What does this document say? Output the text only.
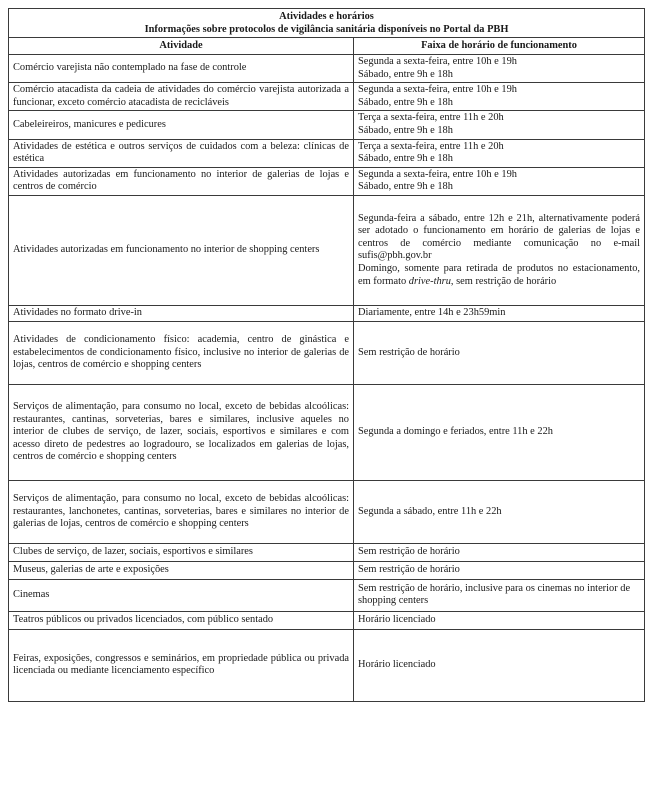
Atividades e horários
Informações sobre protocolos de vigilância sanitária disponíveis no Portal da PBH	

Atividade	Faixa de horário de funcionamento
Comércio varejista não contemplado na fase de controle	Segunda a sexta-feira, entre 10h e 19h
Sábado, entre 9h e 18h

Comércio atacadista da cadeia de atividades do comércio varejista autorizada a funcionar, exceto comércio atacadista de recicláveis	Segunda a sexta-feira, entre 10h e 19h
Sábado, entre 9h e 18h

Cabeleireiros, manicures e pedicures	Terça a sexta-feira, entre 11h e 20h
Sábado, entre 9h e 18h

Atividades de estética e outros serviços de cuidados com a beleza: clínicas de estética	Terça a sexta-feira, entre 11h e 20h
Sábado, entre 9h e 18h

Atividades autorizadas em funcionamento no interior de galerias de lojas e centros de comércio	Segunda a sexta-feira, entre 10h e 19h
Sábado, entre 9h e 18h

Atividades autorizadas em funcionamento no interior de shopping centers	Segunda-feira a sábado, entre 12h e 21h, alternativamente poderá ser adotado o funcionamento em horário de galerias de lojas e centros de comércio mediante comunicação no e-mail sufis@pbh.gov.br
Domingo, somente para retirada de produtos no estacionamento, em formato drive-thru, sem restrição de horário

Atividades no formato drive-in	Diariamente, entre 14h e 23h59min

Atividades de condicionamento físico: academia, centro de ginástica e estabelecimentos de condicionamento físico, inclusive no interior de galerias de lojas, centros de comércio e shopping centers	Sem restrição de horário

Serviços de alimentação, para consumo no local, exceto de bebidas alcoólicas: restaurantes, cantinas, sorveterias, bares e similares, inclusive aqueles no interior de clubes de serviço, de lazer, sociais, esportivos e similares e com acesso direto de pedestres ao logradouro, se localizados em galerias de lojas, centros de comércio e shopping centers	Segunda a domingo e feriados, entre 11h e 22h

Serviços de alimentação, para consumo no local, exceto de bebidas alcoólicas: restaurantes, lanchonetes, cantinas, sorveterias, bares e similares no interior de galerias de lojas, centros de comércio e shopping centers	Segunda a sábado, entre 11h e 22h

Clubes de serviço, de lazer, sociais, esportivos e similares	Sem restrição de horário

Museus, galerias de arte e exposições	Sem restrição de horário

Cinemas	Sem restrição de horário, inclusive para os cinemas no interior de shopping centers

Teatros públicos ou privados licenciados, com público sentado	Horário licenciado

Feiras, exposições, congressos e seminários, em propriedade pública ou privada licenciada ou mediante licenciamento específico	Horário licenciado
